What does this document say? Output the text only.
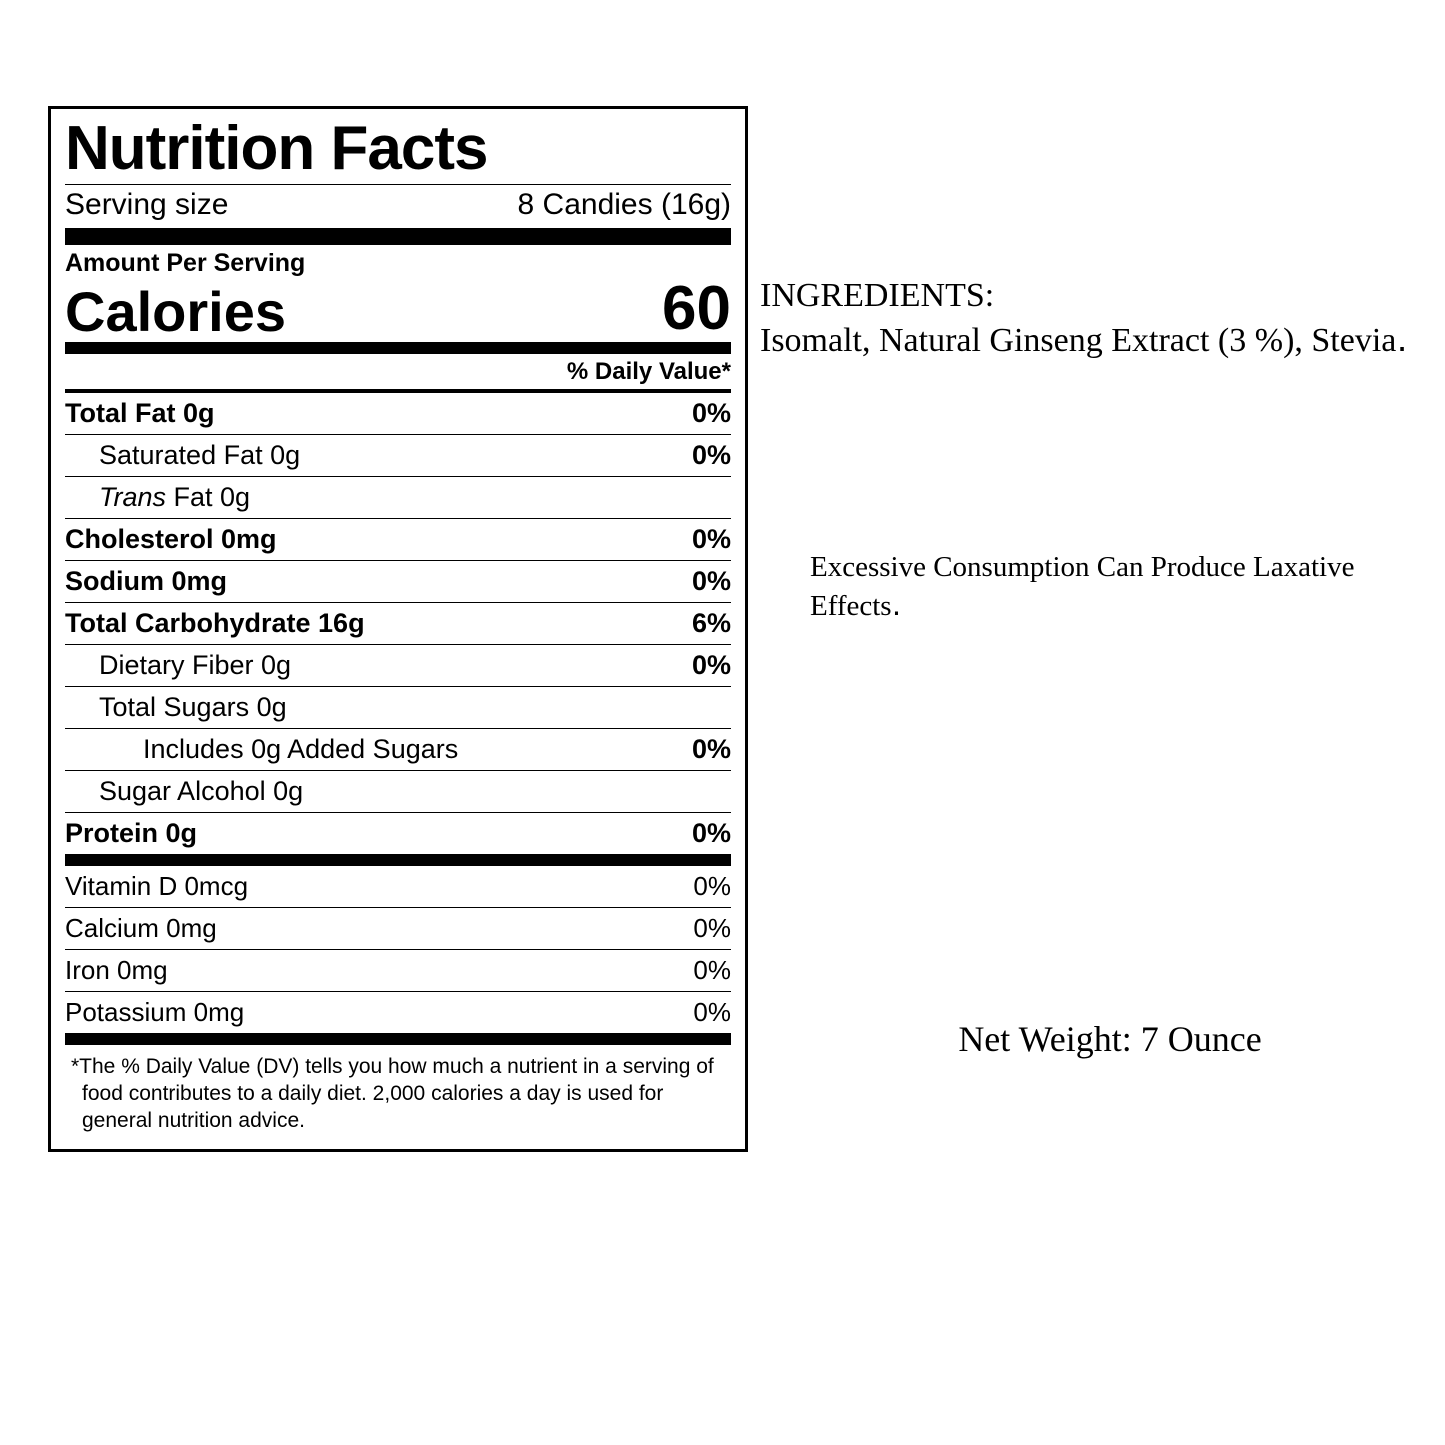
Nutrition Facts
Serving size	8 Candies (16g)
Amount Per Serving
Calories	60
% Daily Value*
Total Fat 0g	0%
Saturated Fat 0g	0%
Trans Fat 0g
Cholesterol 0mg	0%
Sodium 0mg	0%
Total Carbohydrate 16g	6%
Dietary Fiber 0g	0%
Total Sugars 0g
Includes 0g Added Sugars	0%
Sugar Alcohol 0g
Protein 0g	0%
Vitamin D 0mcg	0%
Calcium 0mg	0%
Iron 0mg	0%
Potassium 0mg	0%
*The % Daily Value (DV) tells you how much a nutrient in a serving of food contributes to a daily diet. 2,000 calories a day is used for general nutrition advice.
INGREDIENTS:
Isomalt, Natural Ginseng Extract (3 %), Stevia․
Excessive Consumption Can Produce Laxative Effects․
Net Weight: 7 Ounce
